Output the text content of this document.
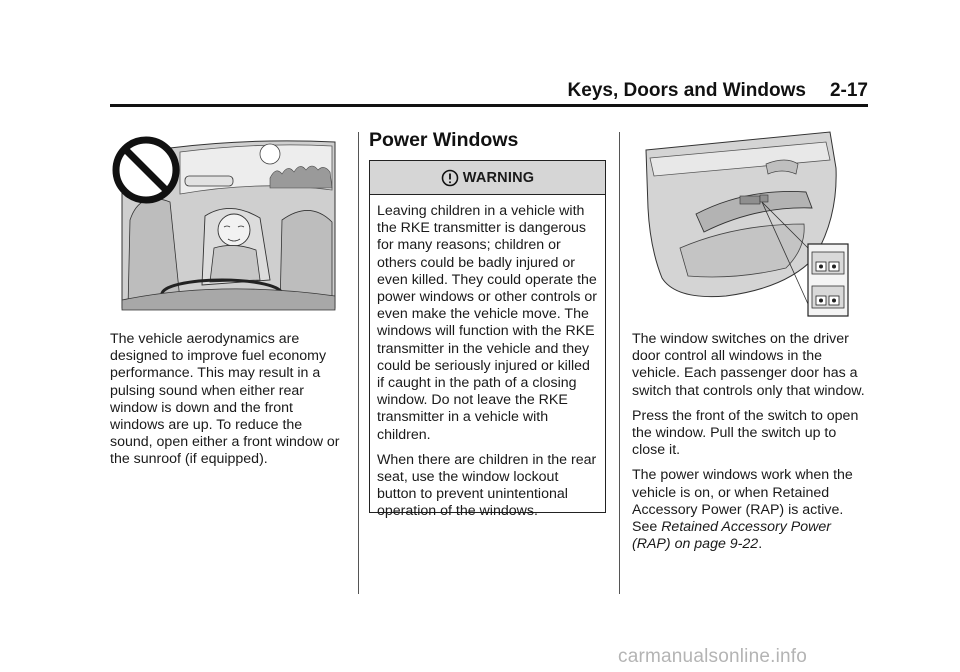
Keys, Doors and Windows 2-17

The vehicle aerodynamics are designed to improve fuel economy performance. This may result in a pulsing sound when either rear window is down and the front windows are up. To reduce the sound, open either a front window or the sunroof (if equipped).

Power Windows
WARNING

Leaving children in a vehicle with the RKE transmitter is dangerous for many reasons; children or others could be badly injured or even killed. They could operate the power windows or other controls or even make the vehicle move. The windows will function with the RKE transmitter in the vehicle and they could be seriously injured or killed if caught in the path of a closing window. Do not leave the RKE transmitter in a vehicle with children.

When there are children in the rear seat, use the window lockout button to prevent unintentional operation of the windows.

The window switches on the driver door control all windows in the vehicle. Each passenger door has a switch that controls only that window.

Press the front of the switch to open the window. Pull the switch up to close it.

The power windows work when the vehicle is on, or when Retained Accessory Power (RAP) is active. See Retained Accessory Power (RAP) on page 9-22.

carmanualsonline.info
